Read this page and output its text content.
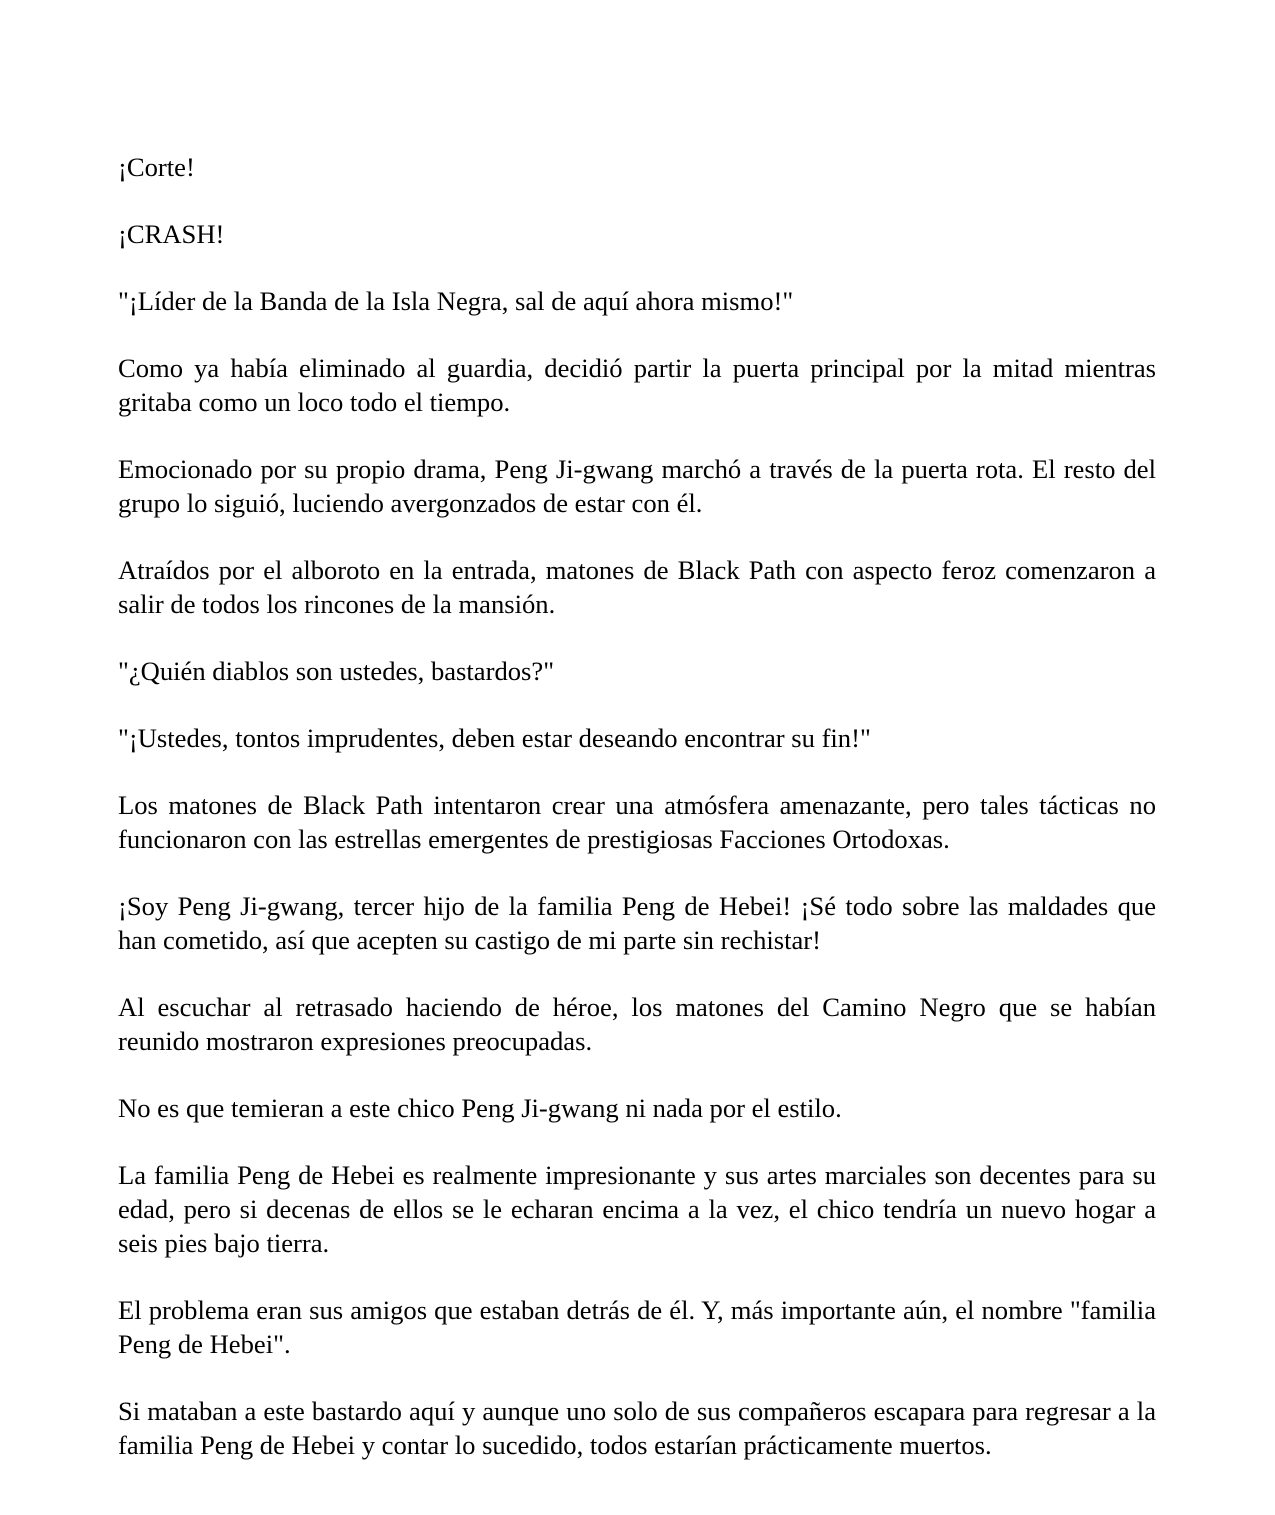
¡Corte!

¡CRASH!

"¡Líder de la Banda de la Isla Negra, sal de aquí ahora mismo!"

Como ya había eliminado al guardia, decidió partir la puerta principal por la mitad mientras gritaba como un loco todo el tiempo.

Emocionado por su propio drama, Peng Ji-gwang marchó a través de la puerta rota. El resto del grupo lo siguió, luciendo avergonzados de estar con él.

Atraídos por el alboroto en la entrada, matones de Black Path con aspecto feroz comenzaron a salir de todos los rincones de la mansión.

"¿Quién diablos son ustedes, bastardos?"

"¡Ustedes, tontos imprudentes, deben estar deseando encontrar su fin!"

Los matones de Black Path intentaron crear una atmósfera amenazante, pero tales tácticas no funcionaron con las estrellas emergentes de prestigiosas Facciones Ortodoxas.

¡Soy Peng Ji-gwang, tercer hijo de la familia Peng de Hebei! ¡Sé todo sobre las maldades que han cometido, así que acepten su castigo de mi parte sin rechistar!

Al escuchar al retrasado haciendo de héroe, los matones del Camino Negro que se habían reunido mostraron expresiones preocupadas.

No es que temieran a este chico Peng Ji-gwang ni nada por el estilo.

La familia Peng de Hebei es realmente impresionante y sus artes marciales son decentes para su edad, pero si decenas de ellos se le echaran encima a la vez, el chico tendría un nuevo hogar a seis pies bajo tierra.

El problema eran sus amigos que estaban detrás de él. Y, más importante aún, el nombre "familia Peng de Hebei".

Si mataban a este bastardo aquí y aunque uno solo de sus compañeros escapara para regresar a la familia Peng de Hebei y contar lo sucedido, todos estarían prácticamente muertos.
